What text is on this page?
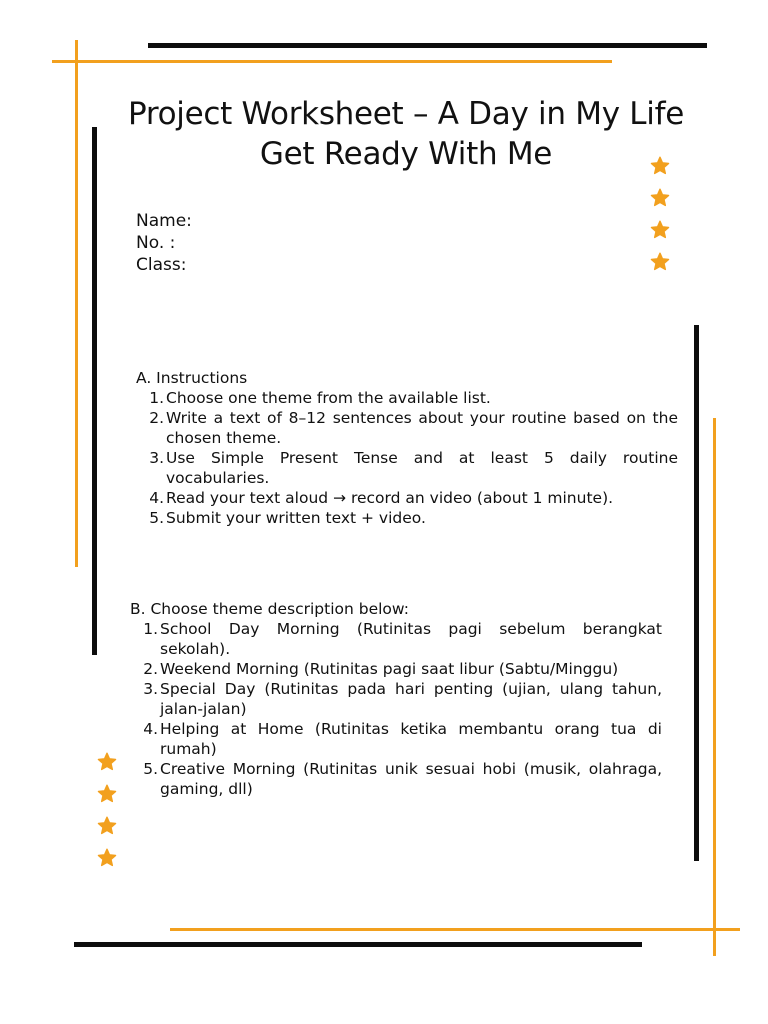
Project Worksheet – A Day in My Life
Get Ready With Me
Name:
No. :
Class:
A. Instructions
1. Choose one theme from the available list.
2. Write a text of 8–12 sentences about your routine based on the chosen theme.
3. Use Simple Present Tense and at least 5 daily routine vocabularies.
4. Read your text aloud → record an video (about 1 minute).
5. Submit your written text + video.
B. Choose theme description below:
1. School Day Morning (Rutinitas pagi sebelum berangkat sekolah).
2. Weekend Morning (Rutinitas pagi saat libur (Sabtu/Minggu)
3. Special Day (Rutinitas pada hari penting (ujian, ulang tahun, jalan-jalan)
4. Helping at Home (Rutinitas ketika membantu orang tua di rumah)
5. Creative Morning (Rutinitas unik sesuai hobi (musik, olahraga, gaming, dll)
